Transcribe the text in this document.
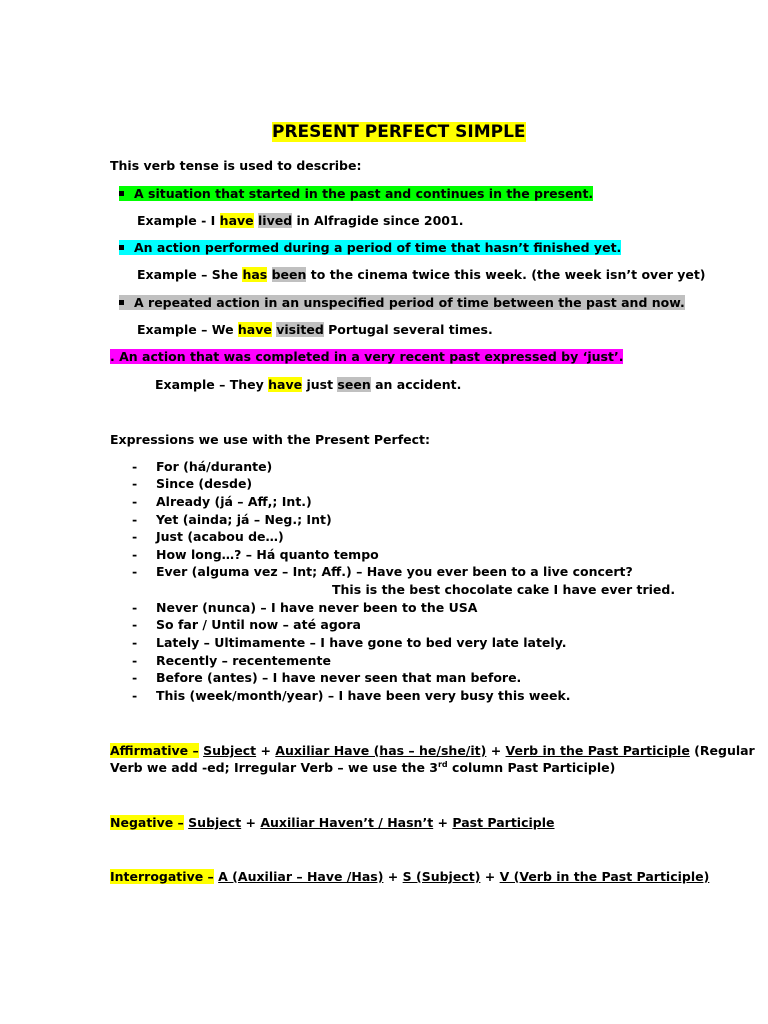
PRESENT PERFECT SIMPLE
This verb tense is used to describe:
A situation that started in the past and continues in the present.
Example - I have lived in Alfragide since 2001.
An action performed during a period of time that hasn’t finished yet.
Example – She has been to the cinema twice this week. (the week isn’t over yet)
A repeated action in an unspecified period of time between the past and now.
Example – We have visited Portugal several times.
. An action that was completed in a very recent past expressed by ‘just’.
Example – They have just seen an accident.
Expressions we use with the Present Perfect:
- For (há/durante)
- Since (desde)
- Already (já – Aff,; Int.)
- Yet (ainda; já – Neg.; Int)
- Just (acabou de…)
- How long…? – Há quanto tempo
- Ever (alguma vez – Int; Aff.) – Have you ever been to a live concert?
This is the best chocolate cake I have ever tried.
- Never (nunca) – I have never been to the USA
- So far / Until now – até agora
- Lately – Ultimamente – I have gone to bed very late lately.
- Recently – recentemente
- Before (antes) – I have never seen that man before.
- This (week/month/year) – I have been very busy this week.
Affirmative – Subject + Auxiliar Have (has – he/she/it) + Verb in the Past Participle (Regular
Verb we add -ed; Irregular Verb – we use the 3rd column Past Participle)
Negative – Subject + Auxiliar Haven’t / Hasn’t + Past Participle
Interrogative – A (Auxiliar – Have /Has) + S (Subject) + V (Verb in the Past Participle)
